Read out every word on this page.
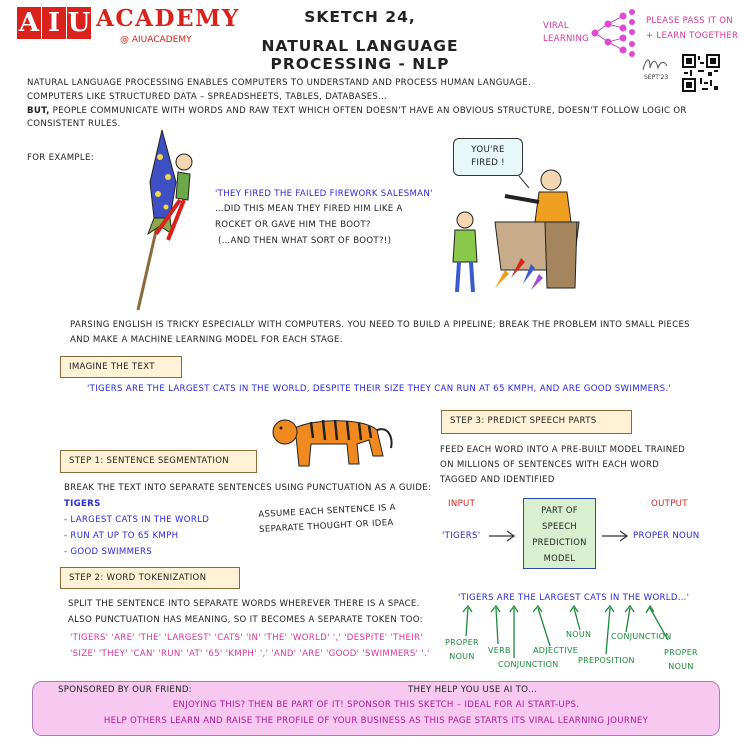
A I U ACADEMY
@ AIUACADEMY
SKETCH 24,
NATURAL LANGUAGE PROCESSING - NLP
VIRAL
LEARNING
PLEASE PASS IT ON
+ LEARN TOGETHER
SEPT'23
NATURAL LANGUAGE PROCESSING ENABLES COMPUTERS TO UNDERSTAND AND PROCESS HUMAN LANGUAGE.
COMPUTERS LIKE STRUCTURED DATA – SPREADSHEETS, TABLES, DATABASES…
BUT, PEOPLE COMMUNICATE WITH WORDS AND RAW TEXT WHICH OFTEN DOESN'T HAVE AN OBVIOUS STRUCTURE, DOESN'T FOLLOW LOGIC OR CONSISTENT RULES.
FOR EXAMPLE:
'THEY FIRED THE FAILED FIREWORK SALESMAN'
…DID THIS MEAN THEY FIRED HIM LIKE A
ROCKET OR GAVE HIM THE BOOT?
(…AND THEN WHAT SORT OF BOOT?!)
YOU'RE
FIRED !
PARSING ENGLISH IS TRICKY ESPECIALLY WITH COMPUTERS. YOU NEED TO BUILD A PIPELINE; BREAK THE PROBLEM INTO SMALL PIECES
AND MAKE A MACHINE LEARNING MODEL FOR EACH STAGE.
IMAGINE THE TEXT
'TIGERS ARE THE LARGEST CATS IN THE WORLD, DESPITE THEIR SIZE THEY CAN RUN AT 65 KMPH, AND ARE GOOD SWIMMERS.'
STEP 1: SENTENCE SEGMENTATION
BREAK THE TEXT INTO SEPARATE SENTENCES USING PUNCTUATION AS A GUIDE:
TIGERS
- LARGEST CATS IN THE WORLD
- RUN AT UP TO 65 KMPH
- GOOD SWIMMERS
ASSUME EACH SENTENCE IS A
SEPARATE THOUGHT OR IDEA
STEP 2: WORD TOKENIZATION
SPLIT THE SENTENCE INTO SEPARATE WORDS WHEREVER THERE IS A SPACE.
ALSO PUNCTUATION HAS MEANING, SO IT BECOMES A SEPARATE TOKEN TOO:
'TIGERS' 'ARE' 'THE' 'LARGEST' 'CATS' 'IN' 'THE' 'WORLD' ',' 'DESPITE' 'THEIR'
'SIZE' 'THEY' 'CAN' 'RUN' 'AT' '65' 'KMPH' ',' 'AND' 'ARE' 'GOOD' 'SWIMMERS' '.'
STEP 3: PREDICT SPEECH PARTS
FEED EACH WORD INTO A PRE-BUILT MODEL TRAINED
ON MILLIONS OF SENTENCES WITH EACH WORD
TAGGED AND IDENTIFIED
INPUT	OUTPUT
'TIGERS'
PART OF
SPEECH
PREDICTION
MODEL
PROPER NOUN
'TIGERS ARE THE LARGEST CATS IN THE WORLD…'
PROPER
NOUN
VERB
CONJUNCTION
ADJECTIVE
NOUN
PREPOSITION
CONJUNCTION
PROPER
NOUN
SPONSORED BY OUR FRIEND:	THEY HELP YOU USE AI TO…
ENJOYING THIS? THEN BE PART OF IT! SPONSOR THIS SKETCH – IDEAL FOR AI START-UPS.
HELP OTHERS LEARN AND RAISE THE PROFILE OF YOUR BUSINESS AS THIS PAGE STARTS ITS VIRAL LEARNING JOURNEY
